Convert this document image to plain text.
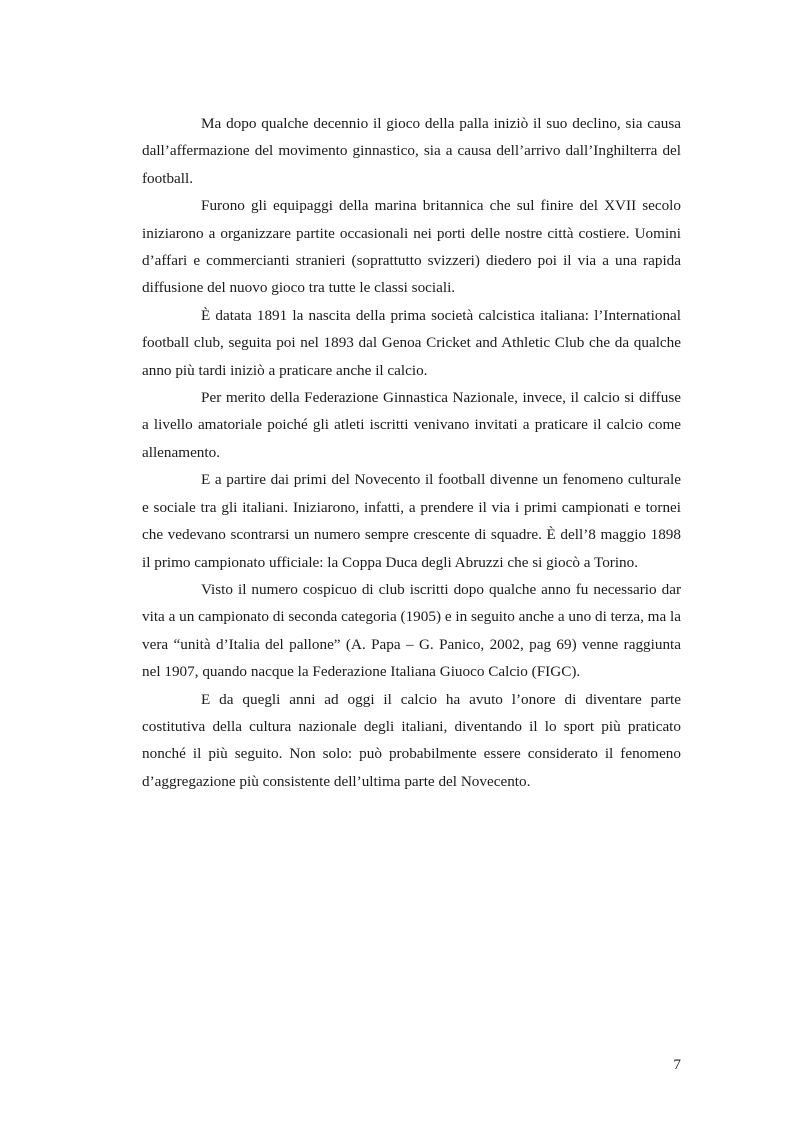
Ma dopo qualche decennio il gioco della palla iniziò il suo declino, sia causa dall’affermazione del movimento ginnastico, sia a causa dell’arrivo dall’Inghilterra del football.

Furono gli equipaggi della marina britannica che sul finire del XVII secolo iniziarono a organizzare partite occasionali nei porti delle nostre città costiere. Uomini d’affari e commercianti stranieri (soprattutto svizzeri) diedero poi il via a una rapida diffusione del nuovo gioco tra tutte le classi sociali.

È datata 1891 la nascita della prima società calcistica italiana: l’International football club, seguita poi nel 1893 dal Genoa Cricket and Athletic Club che da qualche anno più tardi iniziò a praticare anche il calcio.

Per merito della Federazione Ginnastica Nazionale, invece, il calcio si diffuse a livello amatoriale poiché gli atleti iscritti venivano invitati a praticare il calcio come allenamento.

E a partire dai primi del Novecento il football divenne un fenomeno culturale e sociale tra gli italiani. Iniziarono, infatti, a prendere il via i primi campionati e tornei che vedevano scontrarsi un numero sempre crescente di squadre. È dell’8 maggio 1898 il primo campionato ufficiale: la Coppa Duca degli Abruzzi che si giocò a Torino.

Visto il numero cospicuo di club iscritti dopo qualche anno fu necessario dar vita a un campionato di seconda categoria (1905) e in seguito anche a uno di terza, ma la vera “unità d’Italia del pallone” (A. Papa – G. Panico, 2002, pag 69) venne raggiunta nel 1907, quando nacque la Federazione Italiana Giuoco Calcio (FIGC).

E da quegli anni ad oggi il calcio ha avuto l’onore di diventare parte costitutiva della cultura nazionale degli italiani, diventando il lo sport più praticato nonché il più seguito. Non solo: può probabilmente essere considerato il fenomeno d’aggregazione più consistente dell’ultima parte del Novecento.

7
